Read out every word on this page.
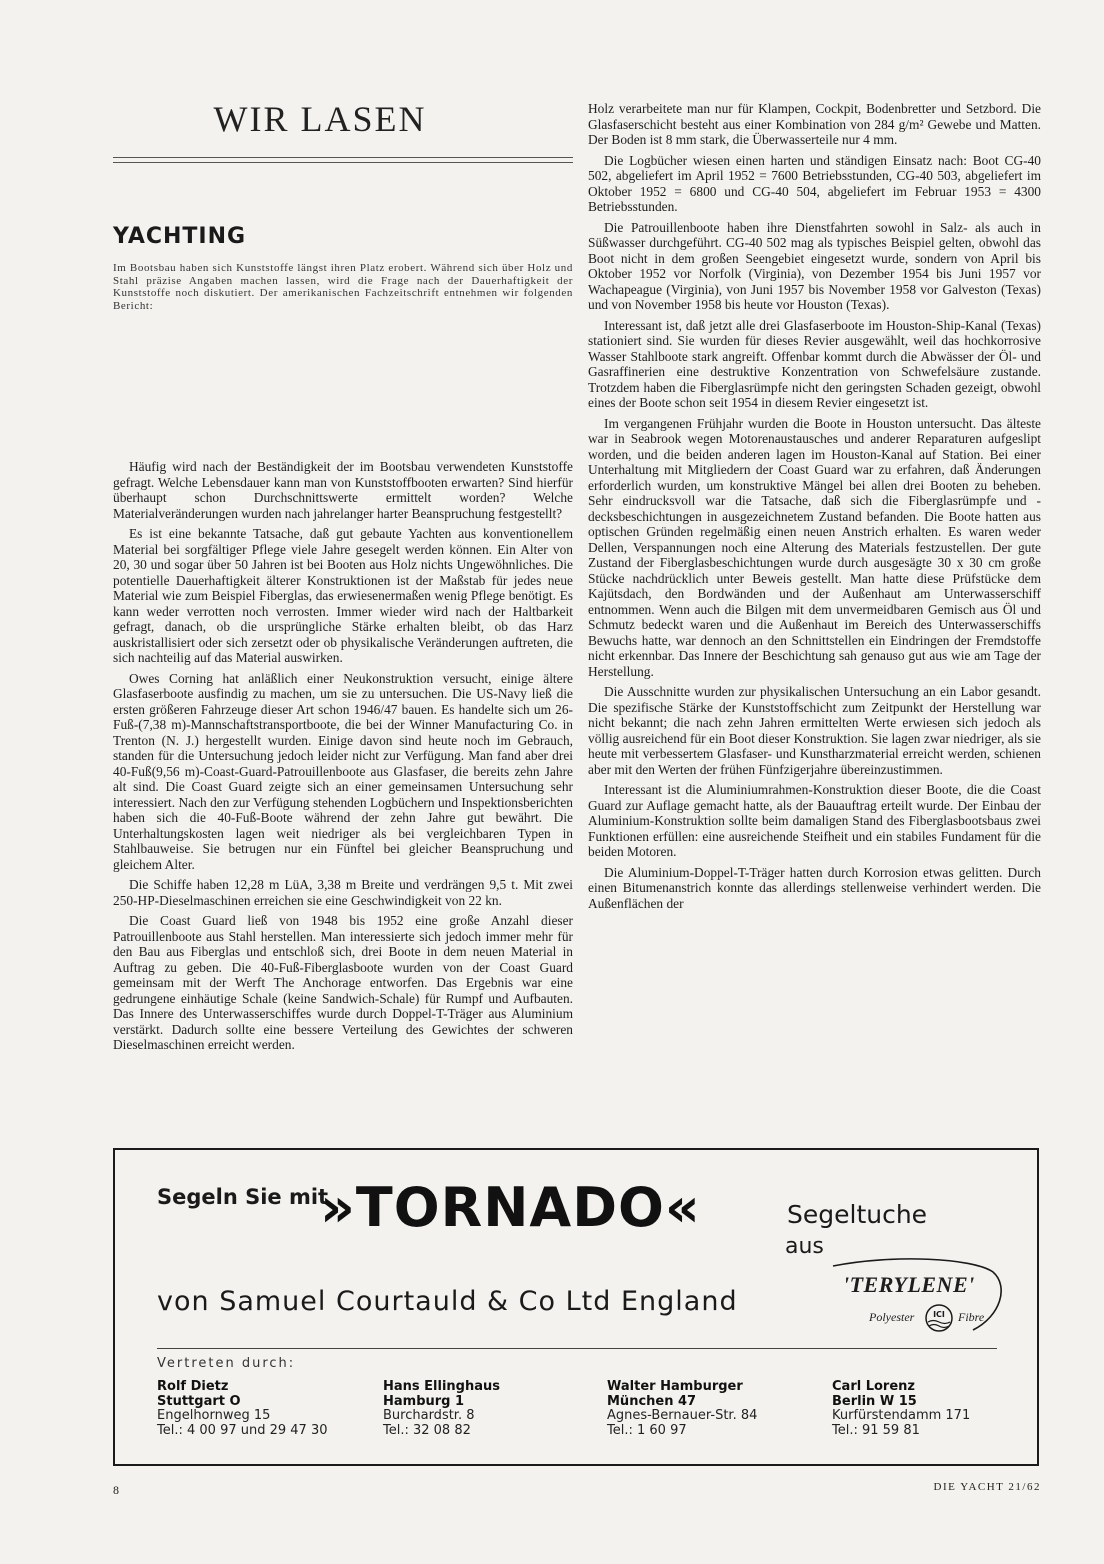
WIR LASEN
YACHTING
Im Bootsbau haben sich Kunststoffe längst ihren Platz erobert. Während sich über Holz und Stahl präzise Angaben machen lassen, wird die Frage nach der Dauerhaftigkeit der Kunststoffe noch diskutiert. Der amerikanischen Fachzeitschrift entnehmen wir folgenden Bericht:

Häufig wird nach der Beständigkeit der im Bootsbau verwendeten Kunststoffe gefragt. Welche Lebensdauer kann man von Kunststoffbooten erwarten? Sind hierfür überhaupt schon Durchschnittswerte ermittelt worden? Welche Materialveränderungen wurden nach jahrelanger harter Beanspruchung festgestellt?

Es ist eine bekannte Tatsache, daß gut gebaute Yachten aus konventionellem Material bei sorgfältiger Pflege viele Jahre gesegelt werden können. Ein Alter von 20, 30 und sogar über 50 Jahren ist bei Booten aus Holz nichts Ungewöhnliches. Die potentielle Dauerhaftigkeit älterer Konstruktionen ist der Maßstab für jedes neue Material wie zum Beispiel Fiberglas, das erwiesenermaßen wenig Pflege benötigt. Es kann weder verrotten noch verrosten. Immer wieder wird nach der Haltbarkeit gefragt, danach, ob die ursprüngliche Stärke erhalten bleibt, ob das Harz auskristallisiert oder sich zersetzt oder ob physikalische Veränderungen auftreten, die sich nachteilig auf das Material auswirken.

Owes Corning hat anläßlich einer Neukonstruktion versucht, einige ältere Glasfaserboote ausfindig zu machen, um sie zu untersuchen. Die US-Navy ließ die ersten größeren Fahrzeuge dieser Art schon 1946/47 bauen. Es handelte sich um 26-Fuß-(7,38 m)-Mannschaftstransportboote, die bei der Winner Manufacturing Co. in Trenton (N. J.) hergestellt wurden. Einige davon sind heute noch im Gebrauch, standen für die Untersuchung jedoch leider nicht zur Verfügung. Man fand aber drei 40-Fuß(9,56 m)-Coast-Guard-Patrouillenboote aus Glasfaser, die bereits zehn Jahre alt sind. Die Coast Guard zeigte sich an einer gemeinsamen Untersuchung sehr interessiert. Nach den zur Verfügung stehenden Logbüchern und Inspektionsberichten haben sich die 40-Fuß-Boote während der zehn Jahre gut bewährt. Die Unterhaltungskosten lagen weit niedriger als bei vergleichbaren Typen in Stahlbauweise. Sie betrugen nur ein Fünftel bei gleicher Beanspruchung und gleichem Alter.

Die Schiffe haben 12,28 m LüA, 3,38 m Breite und verdrängen 9,5 t. Mit zwei 250-HP-Dieselmaschinen erreichen sie eine Geschwindigkeit von 22 kn.

Die Coast Guard ließ von 1948 bis 1952 eine große Anzahl dieser Patrouillenboote aus Stahl herstellen. Man interessierte sich jedoch immer mehr für den Bau aus Fiberglas und entschloß sich, drei Boote in dem neuen Material in Auftrag zu geben. Die 40-Fuß-Fiberglasboote wurden von der Coast Guard gemeinsam mit der Werft The Anchorage entworfen. Das Ergebnis war eine gedrungene einhäutige Schale (keine Sandwich-Schale) für Rumpf und Aufbauten. Das Innere des Unterwasserschiffes wurde durch Doppel-T-Träger aus Aluminium verstärkt. Dadurch sollte eine bessere Verteilung des Gewichtes der schweren Dieselmaschinen erreicht werden.

Holz verarbeitete man nur für Klampen, Cockpit, Bodenbretter und Setzbord. Die Glasfaserschicht besteht aus einer Kombination von 284 g/m² Gewebe und Matten. Der Boden ist 8 mm stark, die Überwasserteile nur 4 mm.

Die Logbücher wiesen einen harten und ständigen Einsatz nach: Boot CG-40 502, abgeliefert im April 1952 = 7600 Betriebsstunden, CG-40 503, abgeliefert im Oktober 1952 = 6800 und CG-40 504, abgeliefert im Februar 1953 = 4300 Betriebsstunden.

Die Patrouillenboote haben ihre Dienstfahrten sowohl in Salz- als auch in Süßwasser durchgeführt. CG-40 502 mag als typisches Beispiel gelten, obwohl das Boot nicht in dem großen Seengebiet eingesetzt wurde, sondern von April bis Oktober 1952 vor Norfolk (Virginia), von Dezember 1954 bis Juni 1957 vor Wachapeague (Virginia), von Juni 1957 bis November 1958 vor Galveston (Texas) und von November 1958 bis heute vor Houston (Texas).

Interessant ist, daß jetzt alle drei Glasfaserboote im Houston-Ship-Kanal (Texas) stationiert sind. Sie wurden für dieses Revier ausgewählt, weil das hochkorrosive Wasser Stahlboote stark angreift. Offenbar kommt durch die Abwässer der Öl- und Gasraffinerien eine destruktive Konzentration von Schwefelsäure zustande. Trotzdem haben die Fiberglasrümpfe nicht den geringsten Schaden gezeigt, obwohl eines der Boote schon seit 1954 in diesem Revier eingesetzt ist.

Im vergangenen Frühjahr wurden die Boote in Houston untersucht. Das älteste war in Seabrook wegen Motorenaustausches und anderer Reparaturen aufgeslipt worden, und die beiden anderen lagen im Houston-Kanal auf Station. Bei einer Unterhaltung mit Mitgliedern der Coast Guard war zu erfahren, daß Änderungen erforderlich wurden, um konstruktive Mängel bei allen drei Booten zu beheben. Sehr eindrucksvoll war die Tatsache, daß sich die Fiberglasrümpfe und -decksbeschichtungen in ausgezeichnetem Zustand befanden. Die Boote hatten aus optischen Gründen regelmäßig einen neuen Anstrich erhalten. Es waren weder Dellen, Verspannungen noch eine Alterung des Materials festzustellen. Der gute Zustand der Fiberglasbeschichtungen wurde durch ausgesägte 30 x 30 cm große Stücke nachdrücklich unter Beweis gestellt. Man hatte diese Prüfstücke dem Kajütsdach, den Bordwänden und der Außenhaut am Unterwasserschiff entnommen. Wenn auch die Bilgen mit dem unvermeidbaren Gemisch aus Öl und Schmutz bedeckt waren und die Außenhaut im Bereich des Unterwasserschiffs Bewuchs hatte, war dennoch an den Schnittstellen ein Eindringen der Fremdstoffe nicht erkennbar. Das Innere der Beschichtung sah genauso gut aus wie am Tage der Herstellung.

Die Ausschnitte wurden zur physikalischen Untersuchung an ein Labor gesandt. Die spezifische Stärke der Kunststoffschicht zum Zeitpunkt der Herstellung war nicht bekannt; die nach zehn Jahren ermittelten Werte erwiesen sich jedoch als völlig ausreichend für ein Boot dieser Konstruktion. Sie lagen zwar niedriger, als sie heute mit verbessertem Glasfaser- und Kunstharzmaterial erreicht werden, schienen aber mit den Werten der frühen Fünfzigerjahre übereinzustimmen.

Interessant ist die Aluminiumrahmen-Konstruktion dieser Boote, die die Coast Guard zur Auflage gemacht hatte, als der Bauauftrag erteilt wurde. Der Einbau der Aluminium-Konstruktion sollte beim damaligen Stand des Fiberglasbootsbaus zwei Funktionen erfüllen: eine ausreichende Steifheit und ein stabiles Fundament für die beiden Motoren.

Die Aluminium-Doppel-T-Träger hatten durch Korrosion etwas gelitten. Durch einen Bitumenanstrich konnte das allerdings stellenweise verhindert werden. Die Außenflächen der

Segeln Sie mit
»TORNADO«	Segeltuche
aus
von Samuel Courtauld & Co Ltd England
'TERYLENE'
Polyester ICI Fibre
Vertreten durch:
Rolf Dietz
Stuttgart O
Engelhornweg 15
Tel.: 4 00 97 und 29 47 30
Hans Ellinghaus
Hamburg 1
Burchardstr. 8
Tel.: 32 08 82
Walter Hamburger
München 47
Agnes-Bernauer-Str. 84
Tel.: 1 60 97
Carl Lorenz
Berlin W 15
Kurfürstendamm 171
Tel.: 91 59 81
8	DIE YACHT 21/62
